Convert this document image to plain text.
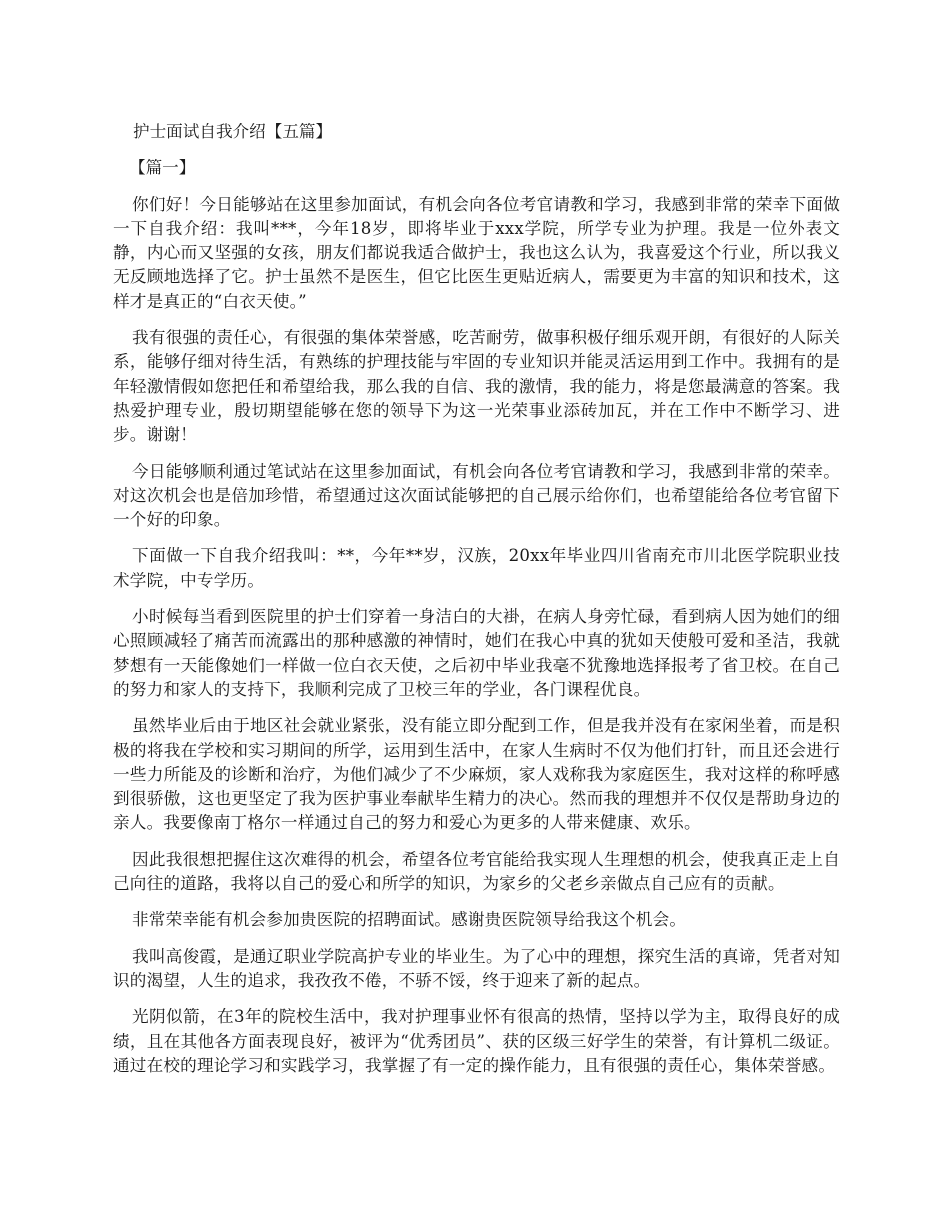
护士面试自我介绍【五篇】
【篇一】

你们好！今日能够站在这里参加面试，有机会向各位考官请教和学习，我感到非常的荣幸下面做一下自我介绍：我叫***，今年18岁，即将毕业于xxx学院，所学专业为护理。我是一位外表文静，内心而又坚强的女孩，朋友们都说我适合做护士，我也这么认为，我喜爱这个行业，所以我义无反顾地选择了它。护士虽然不是医生，但它比医生更贴近病人，需要更为丰富的知识和技术，这样才是真正的“白衣天使。”

我有很强的责任心，有很强的集体荣誉感，吃苦耐劳，做事积极仔细乐观开朗，有很好的人际关系，能够仔细对待生活，有熟练的护理技能与牢固的专业知识并能灵活运用到工作中。我拥有的是年轻激情假如您把任和希望给我，那么我的自信、我的激情，我的能力，将是您最满意的答案。我热爱护理专业，殷切期望能够在您的领导下为这一光荣事业添砖加瓦，并在工作中不断学习、进步。谢谢！

今日能够顺利通过笔试站在这里参加面试，有机会向各位考官请教和学习，我感到非常的荣幸。对这次机会也是倍加珍惜，希望通过这次面试能够把的自己展示给你们，也希望能给各位考官留下一个好的印象。

下面做一下自我介绍我叫：**，今年**岁，汉族，20xx年毕业四川省南充市川北医学院职业技术学院，中专学历。

小时候每当看到医院里的护士们穿着一身洁白的大褂，在病人身旁忙碌，看到病人因为她们的细心照顾减轻了痛苦而流露出的那种感激的神情时，她们在我心中真的犹如天使般可爱和圣洁，我就梦想有一天能像她们一样做一位白衣天使，之后初中毕业我毫不犹豫地选择报考了省卫校。在自己的努力和家人的支持下，我顺利完成了卫校三年的学业，各门课程优良。

虽然毕业后由于地区社会就业紧张，没有能立即分配到工作，但是我并没有在家闲坐着，而是积极的将我在学校和实习期间的所学，运用到生活中，在家人生病时不仅为他们打针，而且还会进行一些力所能及的诊断和治疗，为他们减少了不少麻烦，家人戏称我为家庭医生，我对这样的称呼感到很骄傲，这也更坚定了我为医护事业奉献毕生精力的决心。然而我的理想并不仅仅是帮助身边的亲人。我要像南丁格尔一样通过自己的努力和爱心为更多的人带来健康、欢乐。

因此我很想把握住这次难得的机会，希望各位考官能给我实现人生理想的机会，使我真正走上自己向往的道路，我将以自己的爱心和所学的知识，为家乡的父老乡亲做点自己应有的贡献。

非常荣幸能有机会参加贵医院的招聘面试。感谢贵医院领导给我这个机会。

我叫高俊霞，是通辽职业学院高护专业的毕业生。为了心中的理想，探究生活的真谛，凭者对知识的渴望，人生的追求，我孜孜不倦，不骄不馁，终于迎来了新的起点。

光阴似箭，在3年的院校生活中，我对护理事业怀有很高的热情，坚持以学为主，取得良好的成绩，且在其他各方面表现良好，被评为“优秀团员”、获的区级三好学生的荣誉，有计算机二级证。通过在校的理论学习和实践学习，我掌握了有一定的操作能力，且有很强的责任心，集体荣誉感。
